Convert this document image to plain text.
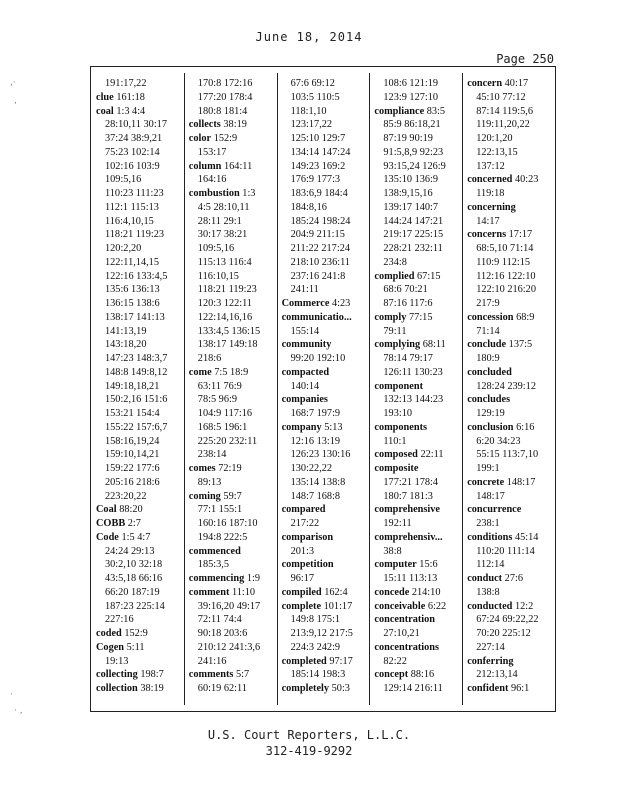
,·
,
·
· ,
June 18, 2014
Page 250
191:17,22
clue 161:18
coal 1:3 4:4
28:10,11 30:17
37:24 38:9,21
75:23 102:14
102:16 103:9
109:5,16
110:23 111:23
112:1 115:13
116:4,10,15
118:21 119:23
120:2,20
122:11,14,15
122:16 133:4,5
135:6 136:13
136:15 138:6
138:17 141:13
141:13,19
143:18,20
147:23 148:3,7
148:8 149:8,12
149:18,18,21
150:2,16 151:6
153:21 154:4
155:22 157:6,7
158:16,19,24
159:10,14,21
159:22 177:6
205:16 218:6
223:20,22
Coal 88:20
COBB 2:7
Code 1:5 4:7
24:24 29:13
30:2,10 32:18
43:5,18 66:16
66:20 187:19
187:23 225:14
227:16
coded 152:9
Cogen 5:11
19:13
collecting 198:7
collection 38:19
170:8 172:16
177:20 178:4
180:8 181:4
collects 38:19
color 152:9
153:17
column 164:11
164:16
combustion 1:3
4:5 28:10,11
28:11 29:1
30:17 38:21
109:5,16
115:13 116:4
116:10,15
118:21 119:23
120:3 122:11
122:14,16,16
133:4,5 136:15
138:17 149:18
218:6
come 7:5 18:9
63:11 76:9
78:5 96:9
104:9 117:16
168:5 196:1
225:20 232:11
238:14
comes 72:19
89:13
coming 59:7
77:1 155:1
160:16 187:10
194:8 222:5
commenced
185:3,5
commencing 1:9
comment 11:10
39:16,20 49:17
72:11 74:4
90:18 203:6
210:12 241:3,6
241:16
comments 5:7
60:19 62:11
67:6 69:12
103:5 110:5
118:1,10
123:17,22
125:10 129:7
134:14 147:24
149:23 169:2
176:9 177:3
183:6,9 184:4
184:8,16
185:24 198:24
204:9 211:15
211:22 217:24
218:10 236:11
237:16 241:8
241:11
Commerce 4:23
communicatio...
155:14
community
99:20 192:10
compacted
140:14
companies
168:7 197:9
company 5:13
12:16 13:19
126:23 130:16
130:22,22
135:14 138:8
148:7 168:8
compared
217:22
comparison
201:3
competition
96:17
compiled 162:4
complete 101:17
149:8 175:1
213:9,12 217:5
224:3 242:9
completed 97:17
185:14 198:3
completely 50:3
108:6 121:19
123:9 127:10
compliance 83:5
85:9 86:18,21
87:19 90:19
91:5,8,9 92:23
93:15,24 126:9
135:10 136:9
138:9,15,16
139:17 140:7
144:24 147:21
219:17 225:15
228:21 232:11
234:8
complied 67:15
68:6 70:21
87:16 117:6
comply 77:15
79:11
complying 68:11
78:14 79:17
126:11 130:23
component
132:13 144:23
193:10
components
110:1
composed 22:11
composite
177:21 178:4
180:7 181:3
comprehensive
192:11
comprehensiv...
38:8
computer 15:6
15:11 113:13
concede 214:10
conceivable 6:22
concentration
27:10,21
concentrations
82:22
concept 88:16
129:14 216:11
concern 40:17
45:10 77:12
87:14 119:5,6
119:11,20,22
120:1,20
122:13,15
137:12
concerned 40:23
119:18
concerning
14:17
concerns 17:17
68:5,10 71:14
110:9 112:15
112:16 122:10
122:10 216:20
217:9
concession 68:9
71:14
conclude 137:5
180:9
concluded
128:24 239:12
concludes
129:19
conclusion 6:16
6:20 34:23
55:15 113:7,10
199:1
concrete 148:17
148:17
concurrence
238:1
conditions 45:14
110:20 111:14
112:14
conduct 27:6
138:8
conducted 12:2
67:24 69:22,22
70:20 225:12
227:14
conferring
212:13,14
confident 96:1
U.S. Court Reporters, L.L.C.
312-419-9292
